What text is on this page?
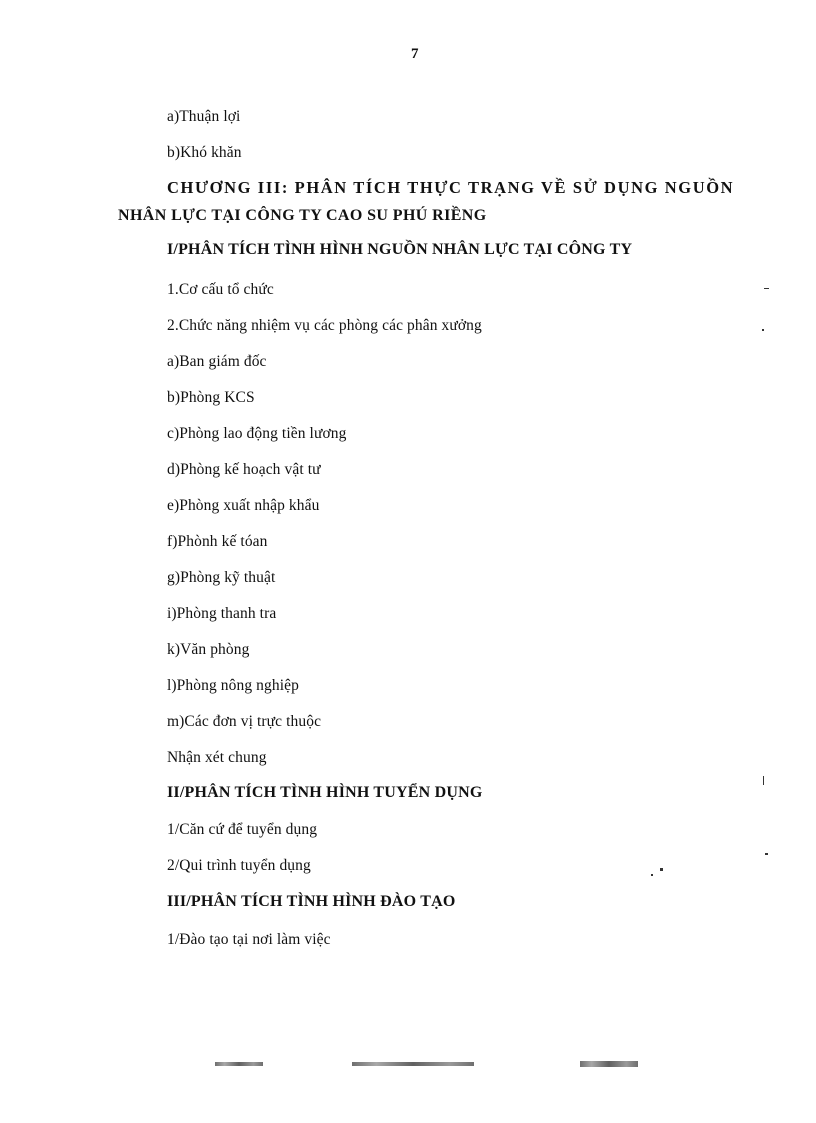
7
a)Thuận lợi
b)Khó khăn
CHƯƠNG III: PHÂN TÍCH THỰC TRẠNG VỀ SỬ DỤNG NGUỒN
NHÂN LỰC TẠI CÔNG TY CAO SU PHÚ RIỀNG
I/PHÂN TÍCH TÌNH HÌNH NGUỒN NHÂN LỰC TẠI CÔNG TY
1.Cơ cấu tổ chức
2.Chức năng nhiệm vụ các phòng các phân xưởng
a)Ban giám đốc
b)Phòng KCS
c)Phòng lao động tiền lương
d)Phòng kế hoạch vật tư
e)Phòng xuất nhập khẩu
f)Phònh kế tóan
g)Phòng kỹ thuật
i)Phòng thanh tra
k)Văn phòng
l)Phòng nông nghiệp
m)Các đơn vị trực thuộc
Nhận xét chung
II/PHÂN TÍCH TÌNH HÌNH TUYỂN DỤNG
1/Căn cứ để tuyển dụng
2/Qui trình tuyển dụng
III/PHÂN TÍCH TÌNH HÌNH ĐÀO TẠO
1/Đào tạo tại nơi làm việc
